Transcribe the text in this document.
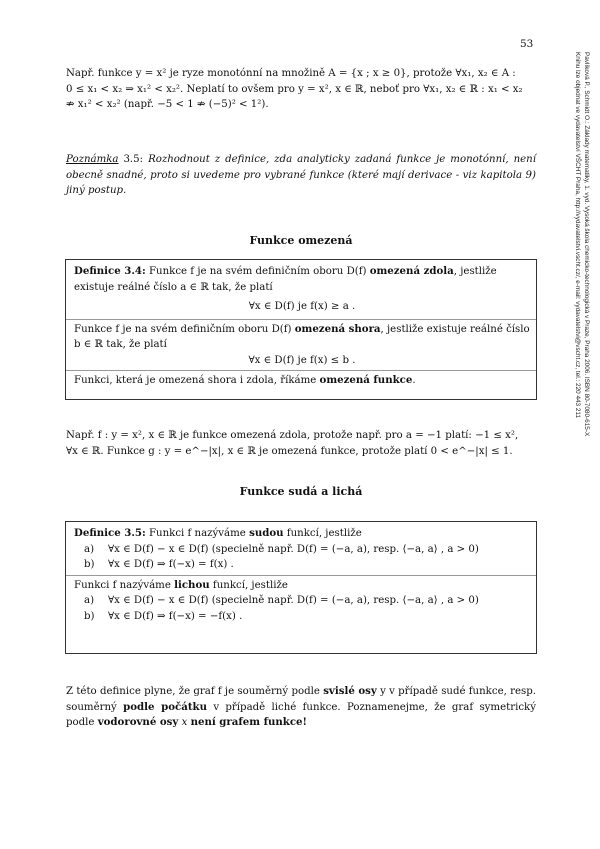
53
Pavlíková P., Schmidt O.: Základy matematiky, 1. vyd. Vysoká škola chemicko-technologická v Praze, Praha 2006. ISBN 80-7080-615-X
Knihu lze objednat ve vydavatelství VŠCHT Praha, http://vydavatelstvi.vscht.cz/, e-mail: vydavatelstvi@vscht.cz, tel.: 220 443 211
Např. funkce y = x² je ryze monotónní na množině A = {x ; x ≥ 0}, protože ∀x₁, x₂ ∈ A :
0 ≤ x₁ < x₂ ⇒ x₁² < x₂². Neplatí to ovšem pro y = x², x ∈ ℝ, neboť pro ∀x₁, x₂ ∈ ℝ : x₁ < x₂
⇏ x₁² < x₂² (např. −5 < 1 ⇏ (−5)² < 1²).
Poznámka 3.5: Rozhodnout z definice, zda analyticky zadaná funkce je monotónní, není obecně snadné, proto si uvedeme pro vybrané funkce (které mají derivace - viz kapitola 9) jiný postup.
Funkce omezená
Definice 3.4: Funkce f je na svém definičním oboru D(f) omezená zdola, jestliže existuje reálné číslo a ∈ ℝ tak, že platí
∀x ∈ D(f) je f(x) ≥ a .
Funkce f je na svém definičním oboru D(f) omezená shora, jestliže existuje reálné číslo b ∈ ℝ tak, že platí
∀x ∈ D(f) je f(x) ≤ b .
Funkci, která je omezená shora i zdola, říkáme omezená funkce.
Např. f : y = x², x ∈ ℝ je funkce omezená zdola, protože např. pro a = −1 platí: −1 ≤ x²,
∀x ∈ ℝ. Funkce g : y = e^−|x|, x ∈ ℝ je omezená funkce, protože platí 0 < e^−|x| ≤ 1.
Funkce sudá a lichá
Definice 3.5: Funkci f nazýváme sudou funkcí, jestliže
a)	∀x ∈ D(f) − x ∈ D(f) (specielně např. D(f) = (−a, a), resp. ⟨−a, a⟩ , a > 0)
b)	∀x ∈ D(f) ⇒ f(−x) = f(x) .
Funkci f nazýváme lichou funkcí, jestliže
a)	∀x ∈ D(f) − x ∈ D(f) (specielně např. D(f) = (−a, a), resp. ⟨−a, a⟩ , a > 0)
b)	∀x ∈ D(f) ⇒ f(−x) = −f(x) .
Z této definice plyne, že graf f je souměrný podle svislé osy y v případě sudé funkce, resp. souměrný podle počátku v případě liché funkce. Poznamenejme, že graf symetrický podle vodorovné osy x není grafem funkce!
